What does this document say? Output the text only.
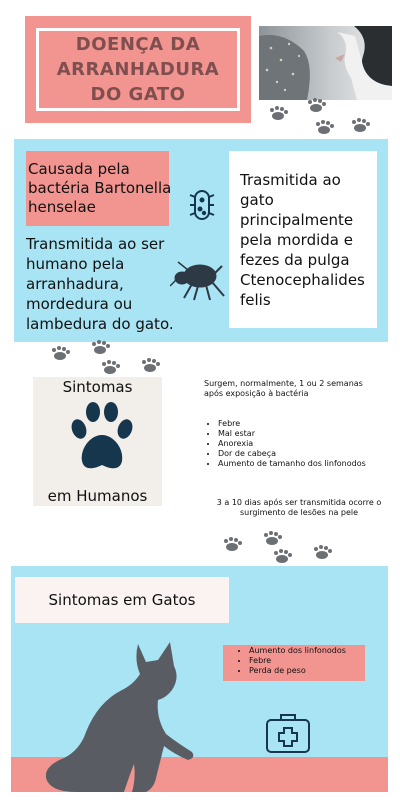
DOENÇA DA
ARRANHADURA
DO GATO
Causada pela bactéria Bartonella henselae
Transmitida ao ser humano pela arranhadura, mordedura ou lambedura do gato.
Trasmitida ao gato principalmente pela mordida e fezes da pulga Ctenocephalides felis
Sintomas
em Humanos
Surgem, normalmente, 1 ou 2 semanas após exposição à bactéria
• Febre
• Mal estar
• Anorexia
• Dor de cabeça
• Aumento de tamanho dos linfonodos
3 a 10 dias após ser transmitida ocorre o surgimento de lesões na pele
Sintomas em Gatos
• Aumento dos linfonodos
• Febre
• Perda de peso
